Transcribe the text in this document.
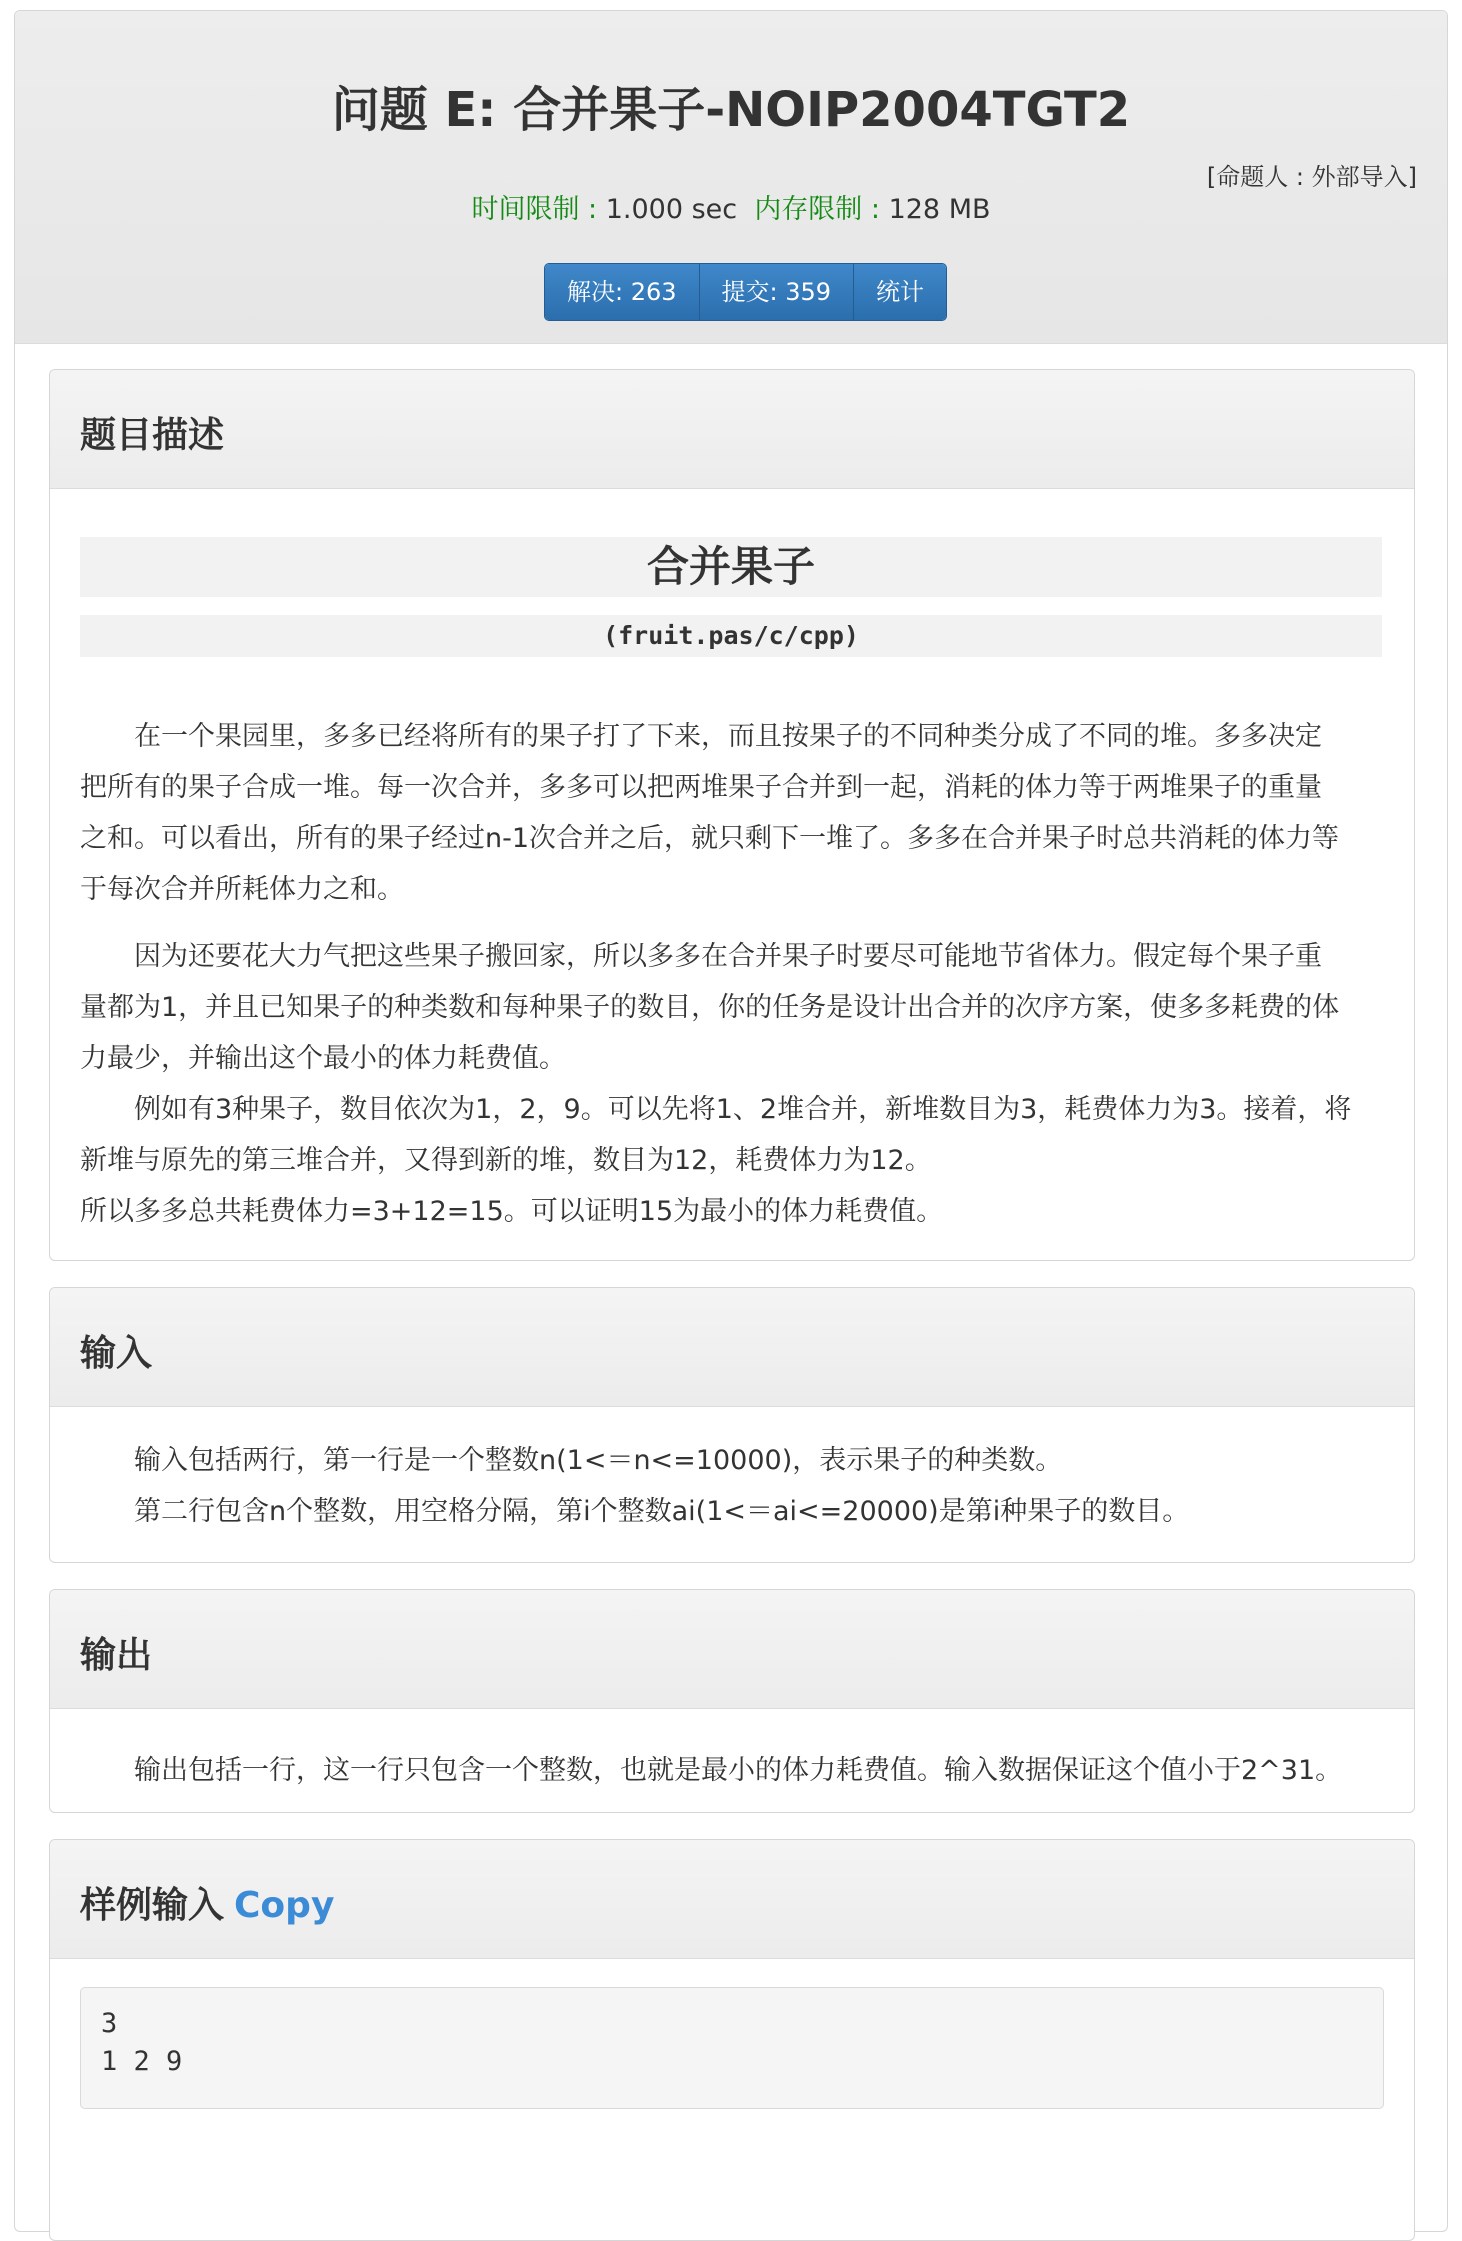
问题 E: 合并果子-NOIP2004TGT2
[命题人 : 外部导入]
时间限制 : 1.000 sec 内存限制 : 128 MB
解决: 263	提交: 359	统计
题目描述
合并果子
(fruit.pas/c/cpp)
在一个果园里，多多已经将所有的果子打了下来，而且按果子的不同种类分成了不同的堆。多多决定
把所有的果子合成一堆。每一次合并，多多可以把两堆果子合并到一起，消耗的体力等于两堆果子的重量
之和。可以看出，所有的果子经过n-1次合并之后，就只剩下一堆了。多多在合并果子时总共消耗的体力等
于每次合并所耗体力之和。
因为还要花大力气把这些果子搬回家，所以多多在合并果子时要尽可能地节省体力。假定每个果子重
量都为1，并且已知果子的种类数和每种果子的数目，你的任务是设计出合并的次序方案，使多多耗费的体
力最少，并输出这个最小的体力耗费值。
例如有3种果子，数目依次为1，2，9。可以先将1、2堆合并，新堆数目为3，耗费体力为3。接着，将
新堆与原先的第三堆合并，又得到新的堆，数目为12，耗费体力为12。
所以多多总共耗费体力=3+12=15。可以证明15为最小的体力耗费值。
输入
输入包括两行，第一行是一个整数n(1<＝n<=10000)，表示果子的种类数。
第二行包含n个整数，用空格分隔，第i个整数ai(1<＝ai<=20000)是第i种果子的数目。
输出
输出包括一行，这一行只包含一个整数，也就是最小的体力耗费值。输入数据保证这个值小于2^31。
样例输入 Copy
3
1 2 9
